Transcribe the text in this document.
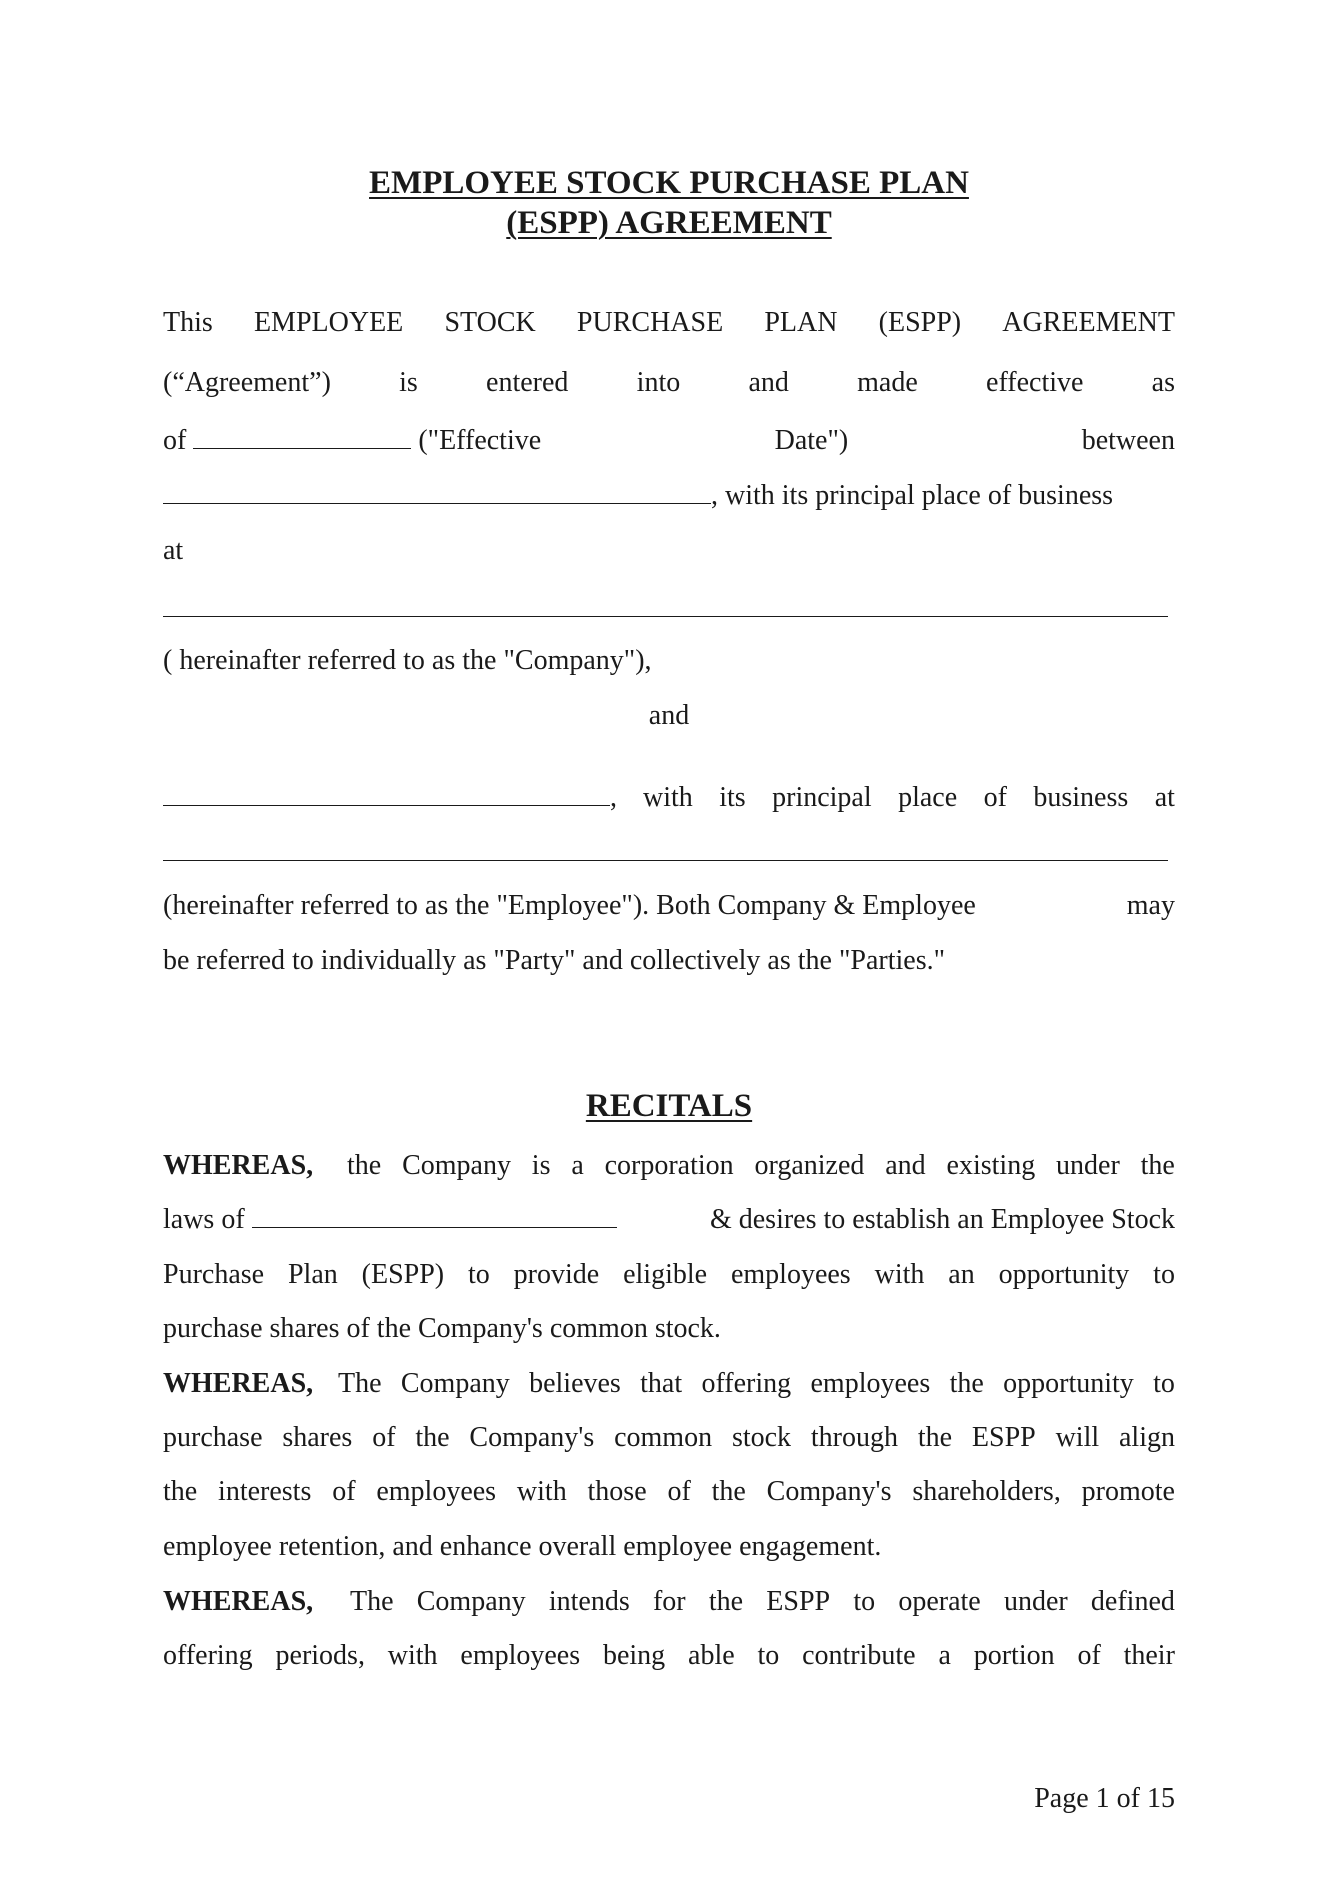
EMPLOYEE STOCK PURCHASE PLAN
(ESPP) AGREEMENT
This EMPLOYEE STOCK PURCHASE PLAN (ESPP) AGREEMENT
(“Agreement”) is entered into and made effective as
of	("Effective	Date")	between
, with its principal place of business
at
( hereinafter referred to as the "Company"),
and
, with its principal place of business at
(hereinafter referred to as the "Employee"). Both Company & Employee	may
be referred to individually as "Party" and collectively as the "Parties."
RECITALS
WHEREAS, the Company is a corporation organized and existing under the
laws of	& desires to establish an Employee Stock
Purchase Plan (ESPP) to provide eligible employees with an opportunity to
purchase shares of the Company's common stock.
WHEREAS, The Company believes that offering employees the opportunity to
purchase shares of the Company's common stock through the ESPP will align
the interests of employees with those of the Company's shareholders, promote
employee retention, and enhance overall employee engagement.
WHEREAS, The Company intends for the ESPP to operate under defined
offering periods, with employees being able to contribute a portion of their
Page 1 of 15
